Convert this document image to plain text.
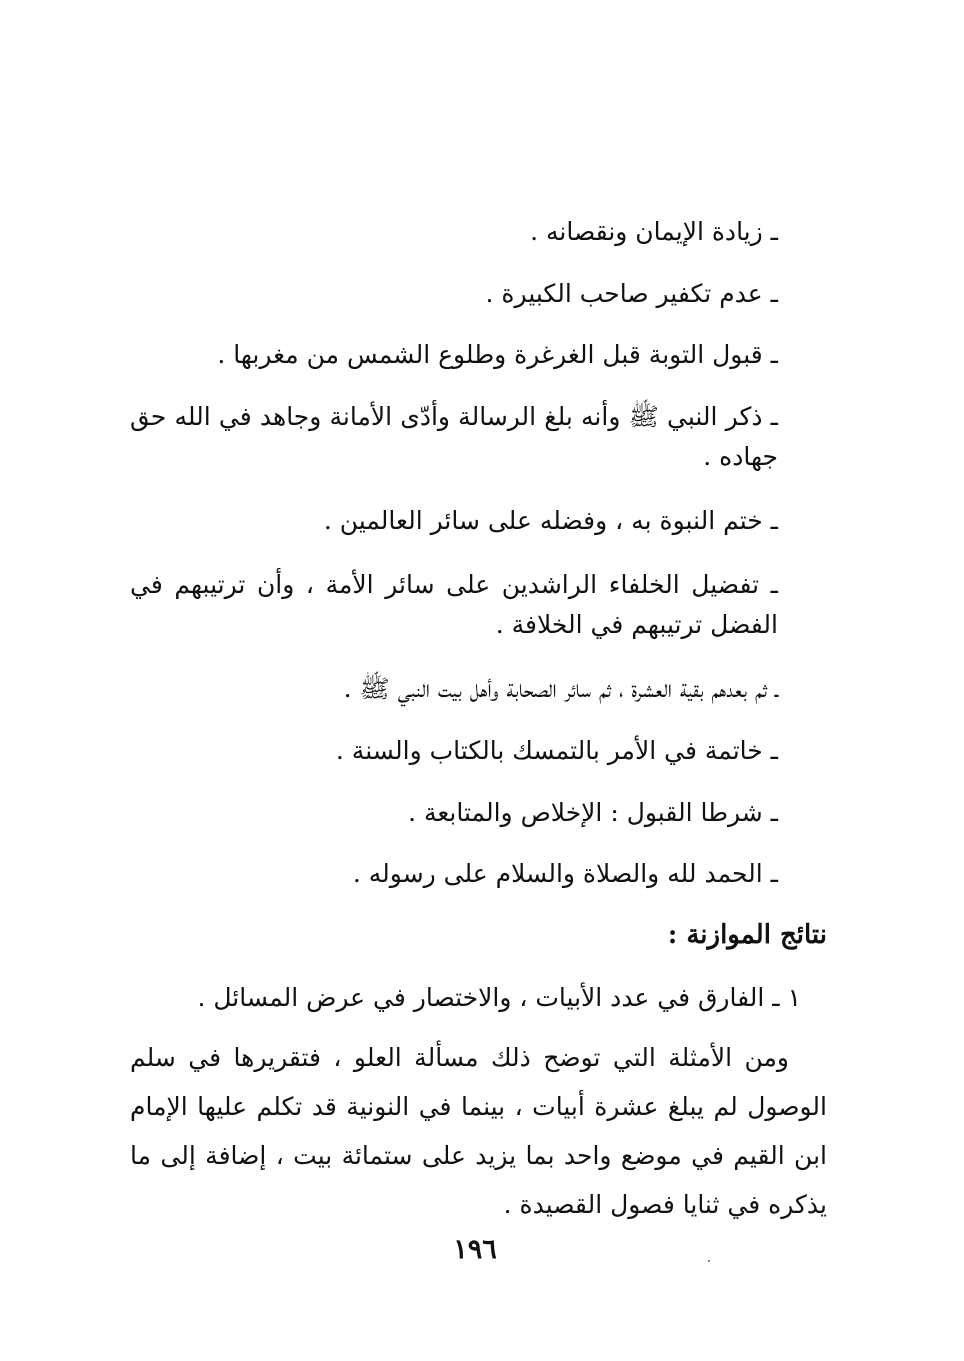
ـ زيادة الإيمان ونقصانه .
ـ عدم تكفير صاحب الكبيرة .
ـ قبول التوبة قبل الغرغرة وطلوع الشمس من مغربها .
ـ ذكر النبي ﷺ وأنه بلغ الرسالة وأدّى الأمانة وجاهد في الله حق جهاده .
ـ ختم النبوة به ، وفضله على سائر العالمين .
ـ تفضيل الخلفاء الراشدين على سائر الأمة ، وأن ترتيبهم في الفضل ترتيبهم في الخلافة .
ـ ثم بعدهم بقية العشرة ، ثم سائر الصحابة وأهل بيت النبي ﷺ .
ـ خاتمة في الأمر بالتمسك بالكتاب والسنة .
ـ شرطا القبول : الإخلاص والمتابعة .
ـ الحمد لله والصلاة والسلام على رسوله .
نتائج الموازنة :
١ ـ الفارق في عدد الأبيات ، والاختصار في عرض المسائل .
ومن الأمثلة التي توضح ذلك مسألة العلو ، فتقريرها في سلم الوصول لم يبلغ عشرة أبيات ، بينما في النونية قد تكلم عليها الإمام ابن القيم في موضع واحد بما يزيد على ستمائة بيت ، إضافة إلى ما يذكره في ثنايا فصول القصيدة .
١٩٦
